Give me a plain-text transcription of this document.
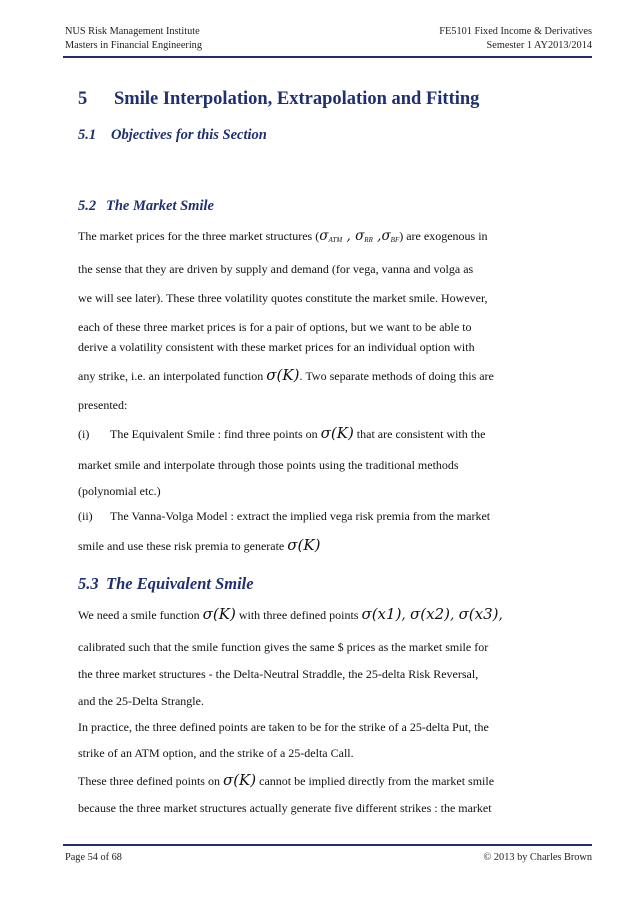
NUS Risk Management Institute
Masters in Financial Engineering
FE5101 Fixed Income & Derivatives
Semester 1 AY2013/2014
5 Smile Interpolation, Extrapolation and Fitting
5.1 Objectives for this Section
5.2 The Market Smile
The market prices for the three market structures ($\sigma_{ATM}$ , $\sigma_{RR}$ $,\sigma_{BF}$) are exogenous in
the sense that they are driven by supply and demand (for vega, vanna and volga as
we will see later). These three volatility quotes constitute the market smile. However,
each of these three market prices is for a pair of options, but we want to be able to
derive a volatility consistent with these market prices for an individual option with
any strike, i.e. an interpolated function σ(K). Two separate methods of doing this are
presented:
(i) The Equivalent Smile : find three points on σ(K) that are consistent with the
market smile and interpolate through those points using the traditional methods
(polynomial etc.)
(ii) The Vanna-Volga Model : extract the implied vega risk premia from the market
smile and use these risk premia to generate σ(K)
5.3 The Equivalent Smile
We need a smile function σ(K) with three defined points σ(x1), σ(x2), σ(x3),
calibrated such that the smile function gives the same $ prices as the market smile for
the three market structures - the Delta-Neutral Straddle, the 25-delta Risk Reversal,
and the 25-Delta Strangle.
In practice, the three defined points are taken to be for the strike of a 25-delta Put, the
strike of an ATM option, and the strike of a 25-delta Call.
These three defined points on σ(K) cannot be implied directly from the market smile
because the three market structures actually generate five different strikes : the market
Page 54 of 68	© 2013 by Charles Brown
